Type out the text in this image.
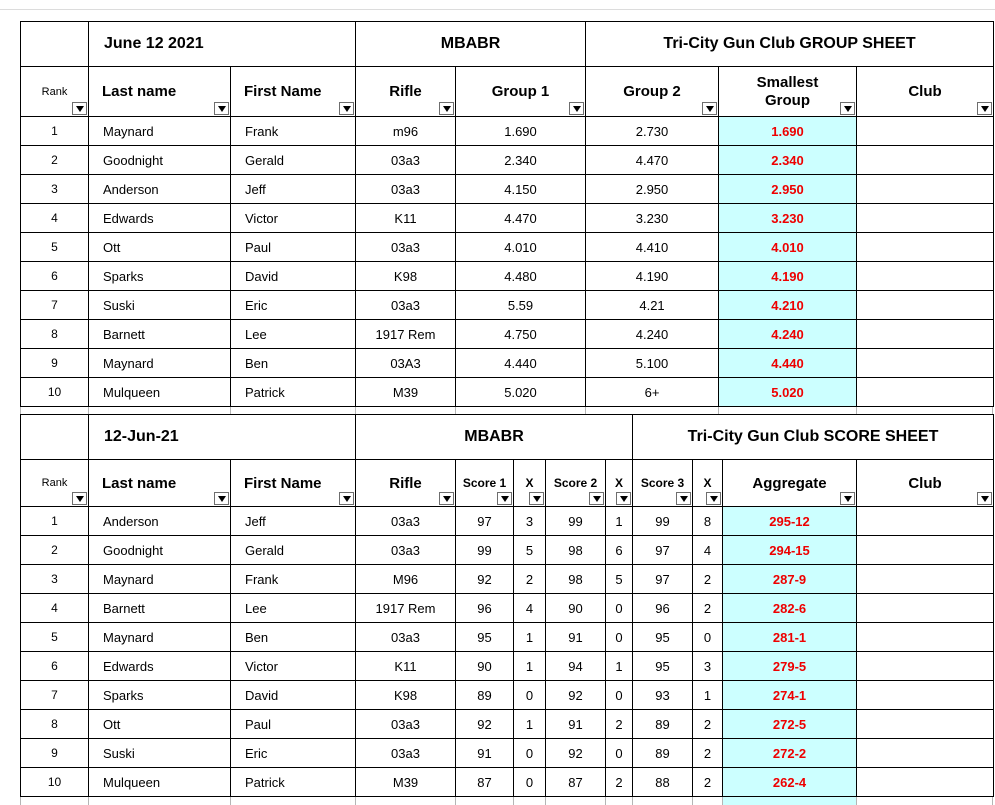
	June 12 2021		MBABR		Tri-City Gun Club GROUP SHEET		
Rank	Last name	First Name	Rifle	Group 1	Group 2	Smallest Group	Club

1	Maynard	Frank	m96	1.690	2.730	1.690	
2	Goodnight	Gerald	03a3	2.340	4.470	2.340	
3	Anderson	Jeff	03a3	4.150	2.950	2.950	
4	Edwards	Victor	K11	4.470	3.230	3.230	
5	Ott	Paul	03a3	4.010	4.410	4.010	
6	Sparks	David	K98	4.480	4.190	4.190	
7	Suski	Eric	03a3	5.59	4.21	4.210	
8	Barnett	Lee	1917 Rem	4.750	4.240	4.240	
9	Maynard	Ben	03A3	4.440	5.100	4.440	
10	Mulqueen	Patrick	M39	5.020	6+	5.020	
	12-Jun-21		MBABR					Tri-City Gun Club SCORE SHEET			
Rank	Last name	First Name	Rifle	Score 1	X	Score 2	X	Score 3	X	Aggregate	Club

1	Anderson	Jeff	03a3	97	3	99	1	99	8	295-12	
2	Goodnight	Gerald	03a3	99	5	98	6	97	4	294-15	
3	Maynard	Frank	M96	92	2	98	5	97	2	287-9	
4	Barnett	Lee	1917 Rem	96	4	90	0	96	2	282-6	
5	Maynard	Ben	03a3	95	1	91	0	95	0	281-1	
6	Edwards	Victor	K11	90	1	94	1	95	3	279-5	
7	Sparks	David	K98	89	0	92	0	93	1	274-1	
8	Ott	Paul	03a3	92	1	91	2	89	2	272-5	
9	Suski	Eric	03a3	91	0	92	0	89	2	272-2	
10	Mulqueen	Patrick	M39	87	0	87	2	88	2	262-4	
